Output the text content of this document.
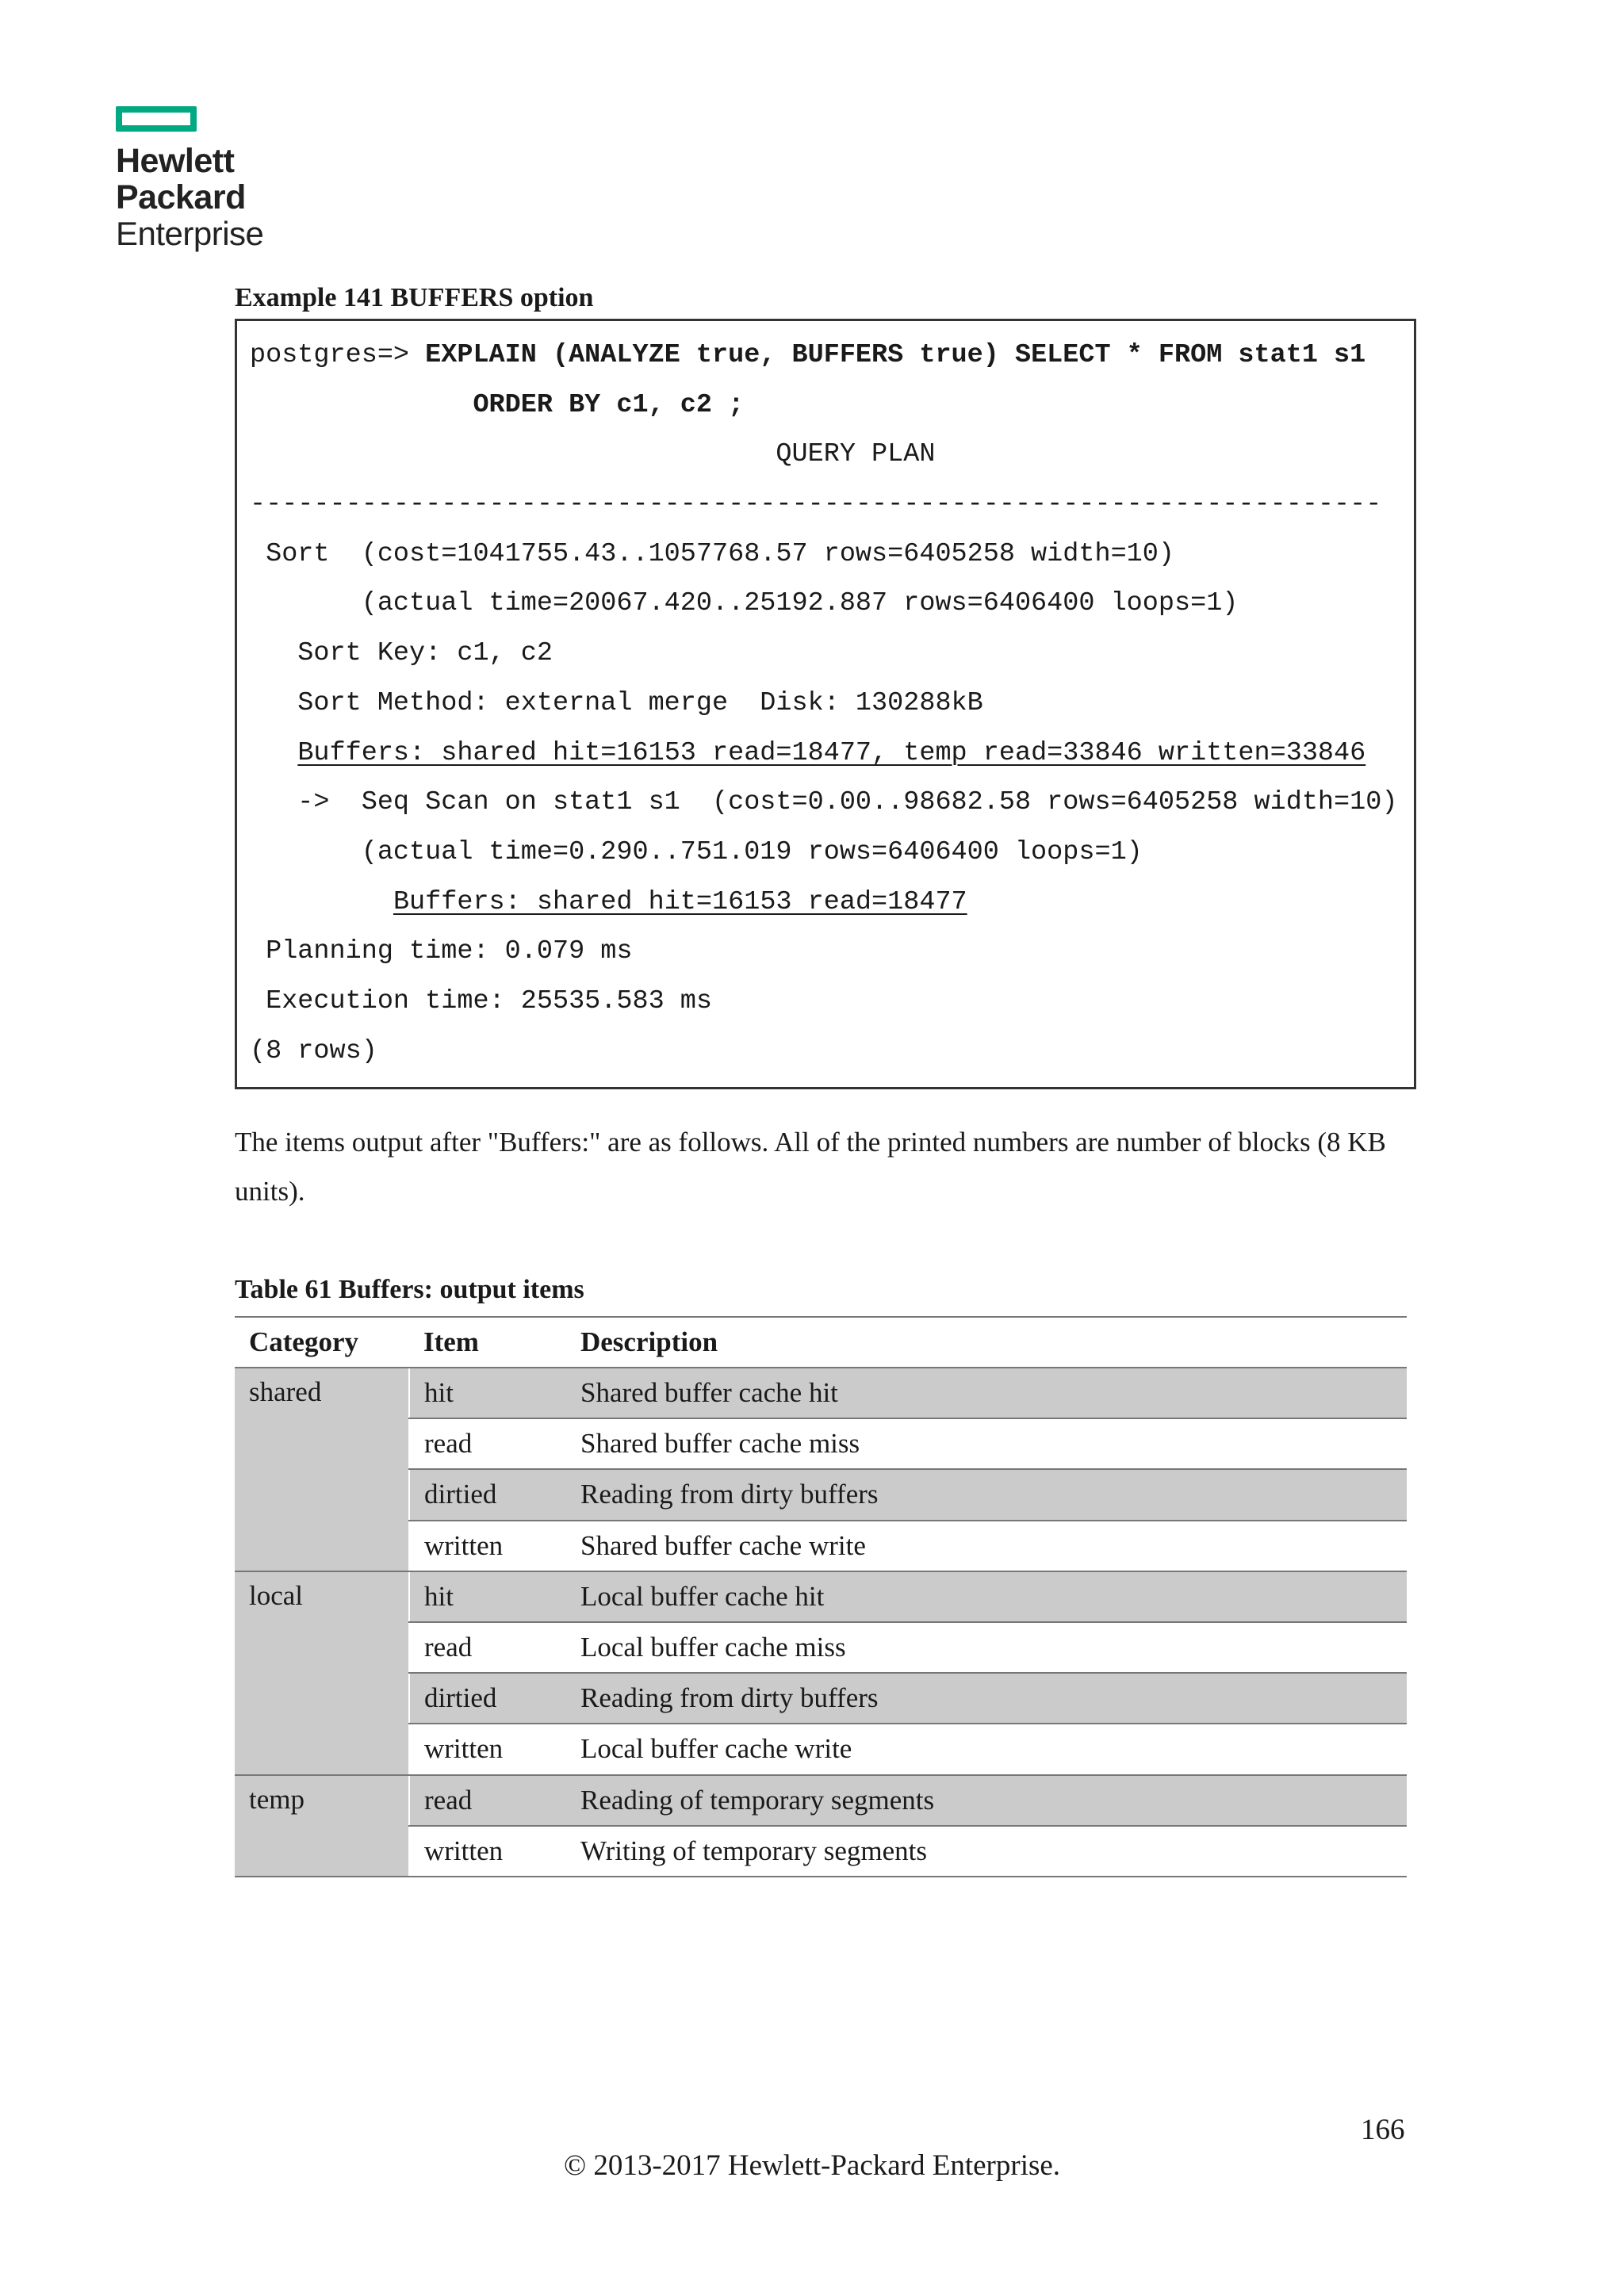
Hewlett Packard
Enterprise
Example 141 BUFFERS option
postgres=> EXPLAIN (ANALYZE true, BUFFERS true) SELECT * FROM stat1 s1
ORDER BY c1, c2 ;
QUERY PLAN
-----------------------------------------------------------------------
Sort  (cost=1041755.43..1057768.57 rows=6405258 width=10)
(actual time=20067.420..25192.887 rows=6406400 loops=1)
Sort Key: c1, c2
Sort Method: external merge  Disk: 130288kB
Buffers: shared hit=16153 read=18477, temp read=33846 written=33846
->  Seq Scan on stat1 s1  (cost=0.00..98682.58 rows=6405258 width=10)
(actual time=0.290..751.019 rows=6406400 loops=1)
Buffers: shared hit=16153 read=18477
Planning time: 0.079 ms
Execution time: 25535.583 ms
(8 rows)
The items output after "Buffers:" are as follows. All of the printed numbers are number of blocks (8 KB units).
Table 61 Buffers: output items
Category	Item	Description
shared	hit	Shared buffer cache hit
	read	Shared buffer cache miss
	dirtied	Reading from dirty buffers
	written	Shared buffer cache write
local	hit	Local buffer cache hit
	read	Local buffer cache miss
	dirtied	Reading from dirty buffers
	written	Local buffer cache write
temp	read	Reading of temporary segments
	written	Writing of temporary segments
166
© 2013-2017 Hewlett-Packard Enterprise.
